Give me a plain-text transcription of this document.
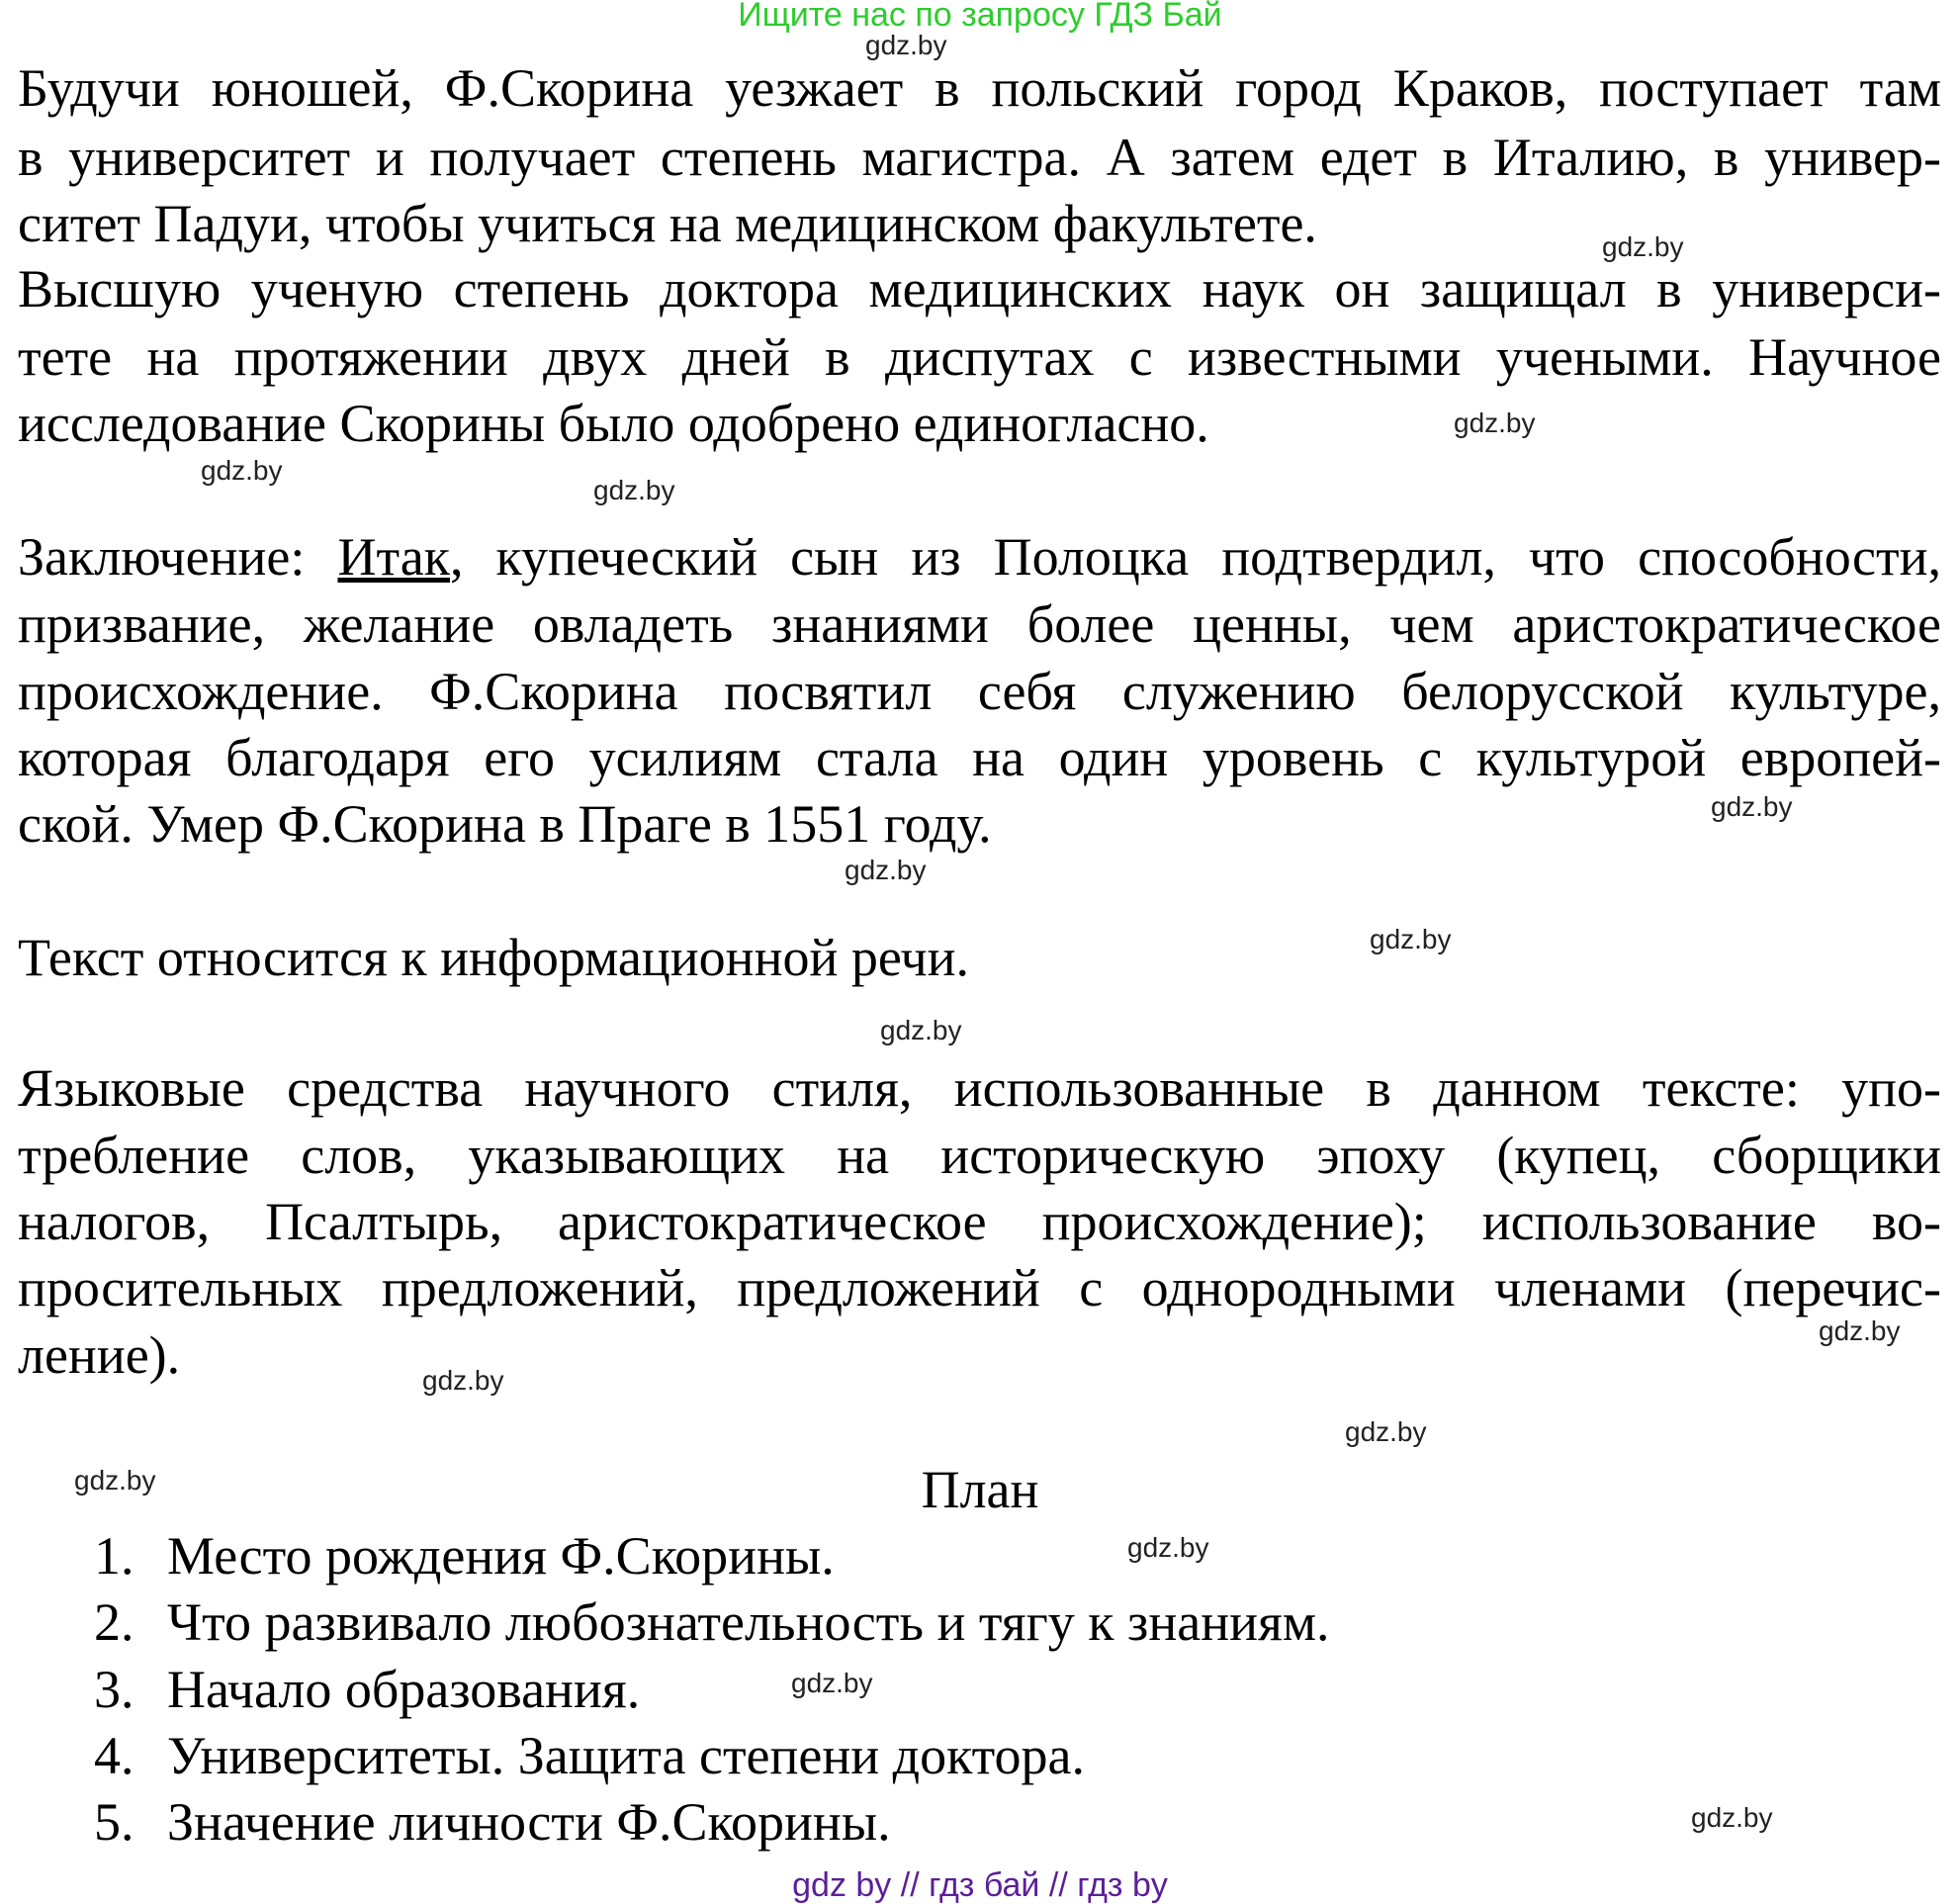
Ищите нас по запросу ГДЗ Бай
Будучи юношей, Ф.Скорина уезжает в польский город Краков, поступает там
в университет и получает степень магистра. А затем едет в Италию, в универ-
ситет Падуи, чтобы учиться на медицинском факультете.
Высшую ученую степень доктора медицинских наук он защищал в универси-
тете на протяжении двух дней в диспутах с известными учеными. Научное
исследование Скорины было одобрено единогласно.
Заключение: Итак, купеческий сын из Полоцка подтвердил, что способности,
призвание, желание овладеть знаниями более ценны, чем аристократическое
происхождение. Ф.Скорина посвятил себя служению белорусской культуре,
которая благодаря его усилиям стала на один уровень с культурой европей-
ской. Умер Ф.Скорина в Праге в 1551 году.
Текст относится к информационной речи.
Языковые средства научного стиля, использованные в данном тексте: упо-
требление слов, указывающих на историческую эпоху (купец, сборщики
налогов, Псалтырь, аристократическое происхождение); использование во-
просительных предложений, предложений с однородными членами (перечис-
ление).
План
1. Место рождения Ф.Скорины.
2. Что развивало любознательность и тягу к знаниям.
3. Начало образования.
4. Университеты. Защита степени доктора.
5. Значение личности Ф.Скорины.
gdz.by
gdz.by
gdz.by
gdz.by
gdz.by
gdz.by
gdz.by
gdz.by
gdz.by
gdz.by
gdz.by
gdz.by
gdz.by
gdz.by
gdz.by
gdz.by
gdz by // гдз бай // гдз by
